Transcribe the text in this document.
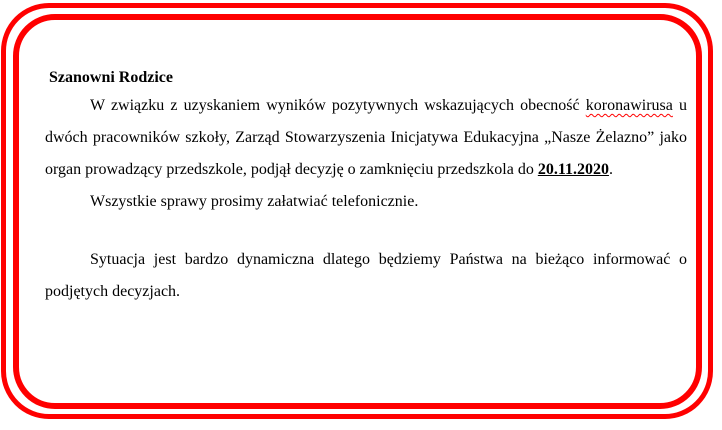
Szanowni Rodzice

W związku z uzyskaniem wyników pozytywnych wskazujących obecność koronawirusa u dwóch pracowników szkoły, Zarząd Stowarzyszenia Inicjatywa Edukacyjna „Nasze Żelazno” jako organ prowadzący przedszkole, podjął decyzję o zamknięciu przedszkola do 20.11.2020.

Wszystkie sprawy prosimy załatwiać telefonicznie.

Sytuacja jest bardzo dynamiczna dlatego będziemy Państwa na bieżąco informować o podjętych decyzjach.
